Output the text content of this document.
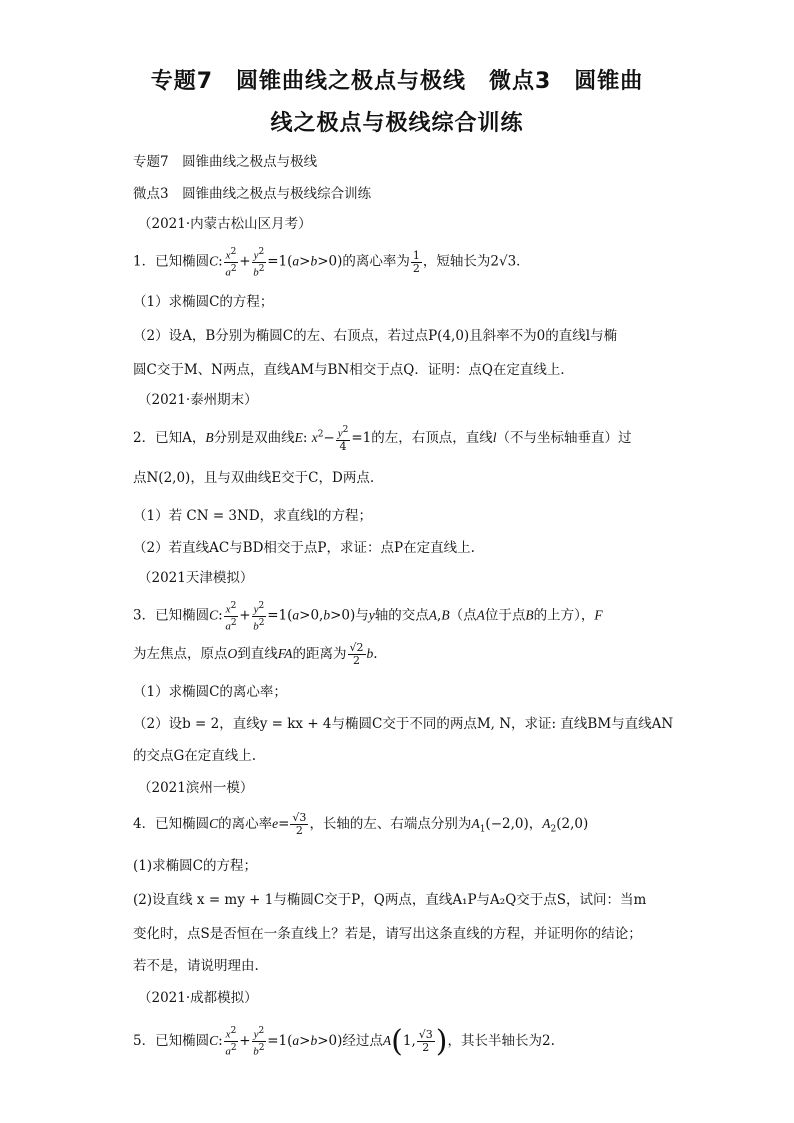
专题7　圆锥曲线之极点与极线　微点3　圆锥曲
线之极点与极线综合训练
专题7　圆锥曲线之极点与极线
微点3　圆锥曲线之极点与极线综合训练
（2021·内蒙古松山区月考）
1．已知椭圆C: $\frac{x^2}{a^2} + \frac{y^2}{b^2} =1(a>b>0)$的离心率为 $\frac{1}{2}$ ，短轴长为2√3．
（1）求椭圆C的方程；
（2）设A，B分别为椭圆C的左、右顶点，若过点P(4,0)且斜率不为0的直线l与椭
圆C交于M、N两点，直线AM与BN相交于点Q．证明：点Q在定直线上．
（2021·泰州期末）
2．已知A，B分别是双曲线E: $x^2- \frac{y^2}{4} =1$的左，右顶点，直线l（不与坐标轴垂直）过
点N(2,0)，且与双曲线E交于C，D两点.
（1）若 CN = 3ND，求直线l的方程；
（2）若直线AC与BD相交于点P，求证：点P在定直线上.
（2021天津模拟）
3．已知椭圆C: $\frac{x^2}{a^2} + \frac{y^2}{b^2} =1(a>0,b>0)$与y轴的交点A,B（点A位于点B的上方），F
为左焦点，原点O到直线FA的距离为 $\frac{√2}{2} b$.
（1）求椭圆C的离心率；
（2）设b = 2，直线y = kx + 4与椭圆C交于不同的两点M, N，求证: 直线BM与直线AN
的交点G在定直线上.
（2021滨州一模）
4．已知椭圆C的离心率$e= \frac{√3}{2}$ ，长轴的左、右端点分别为$A_1(-2,0)$，$A_2(2,0)$
(1)求椭圆C的方程；
(2)设直线 x = my + 1与椭圆C交于P，Q两点，直线A₁P与A₂Q交于点S，试问：当m
变化时，点S是否恒在一条直线上？若是，请写出这条直线的方程，并证明你的结论；
若不是，请说明理由.
（2021·成都模拟）
5．已知椭圆C: $\frac{x^2}{a^2} + \frac{y^2}{b^2} =1(a>b>0)$经过点A(1, $\frac{√3}{2}$ )，其长半轴长为2.
